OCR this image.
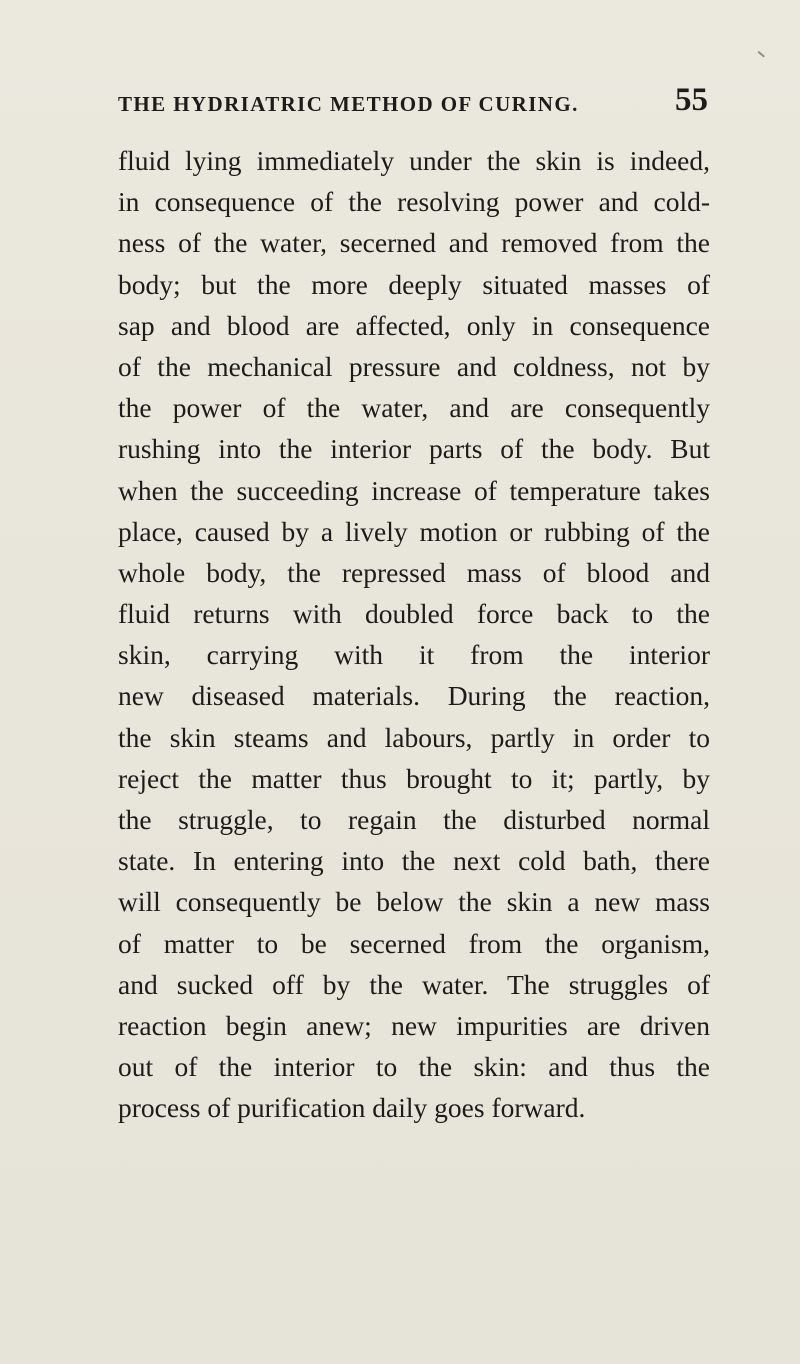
THE HYDRIATRIC METHOD OF CURING.	55
fluid lying immediately under the skin is indeed,
in consequence of the resolving power and cold-
ness of the water, secerned and removed from the
body; but the more deeply situated masses of
sap and blood are affected, only in consequence
of the mechanical pressure and coldness, not by
the power of the water, and are consequently
rushing into the interior parts of the body. But
when the succeeding increase of temperature takes
place, caused by a lively motion or rubbing of the
whole body, the repressed mass of blood and
fluid returns with doubled force back to the
skin, carrying with it from the interior
new diseased materials. During the reaction,
the skin steams and labours, partly in order to
reject the matter thus brought to it; partly, by
the struggle, to regain the disturbed normal
state. In entering into the next cold bath, there
will consequently be below the skin a new mass
of matter to be secerned from the organism,
and sucked off by the water. The struggles of
reaction begin anew; new impurities are driven
out of the interior to the skin: and thus the
process of purification daily goes forward.
